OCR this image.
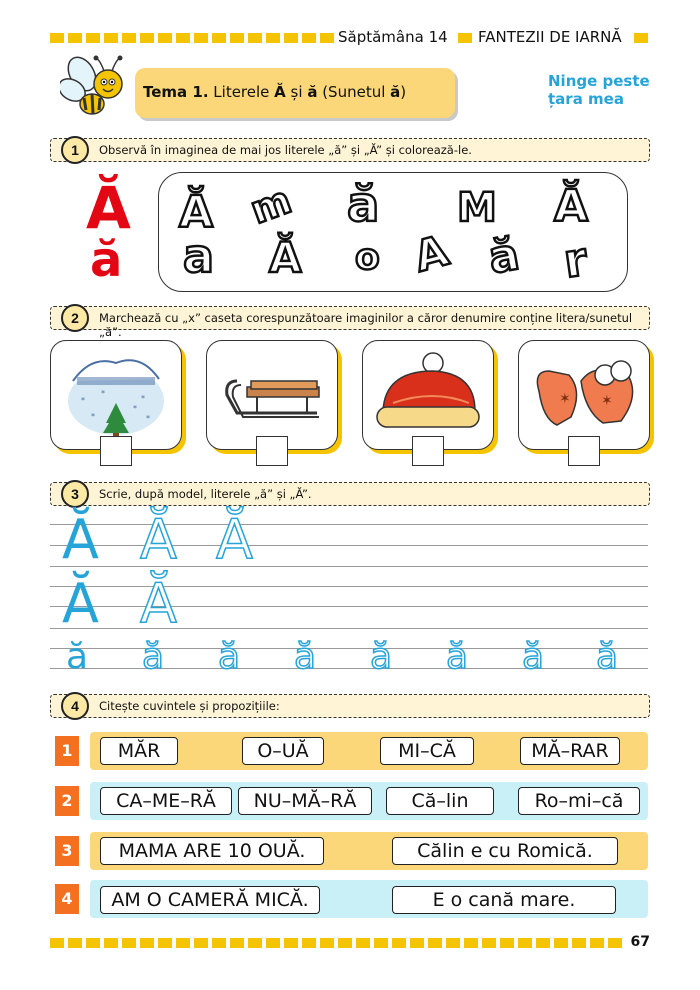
Săptămâna 14 FANTEZII DE IARNĂ
Tema 1. Literele Ă și ă (Sunetul ă)
Ninge peste
țara mea
1	Observă în imaginea de mai jos literele „ă” și „Ă” și colorează-le.
Ă
ă
Ă m ă M Ă
a Ă o A ă r
2	Marchează cu „x” caseta corespunzătoare imaginilor a căror denumire conține litera/sunetul „ă”.
*	*
*	*
*
*
✶ ✶
3	Scrie, după model, literele „ă” și „Ă”.
Ă Ă Ă
Ă Ă
ă ă ă ă ă ă ă ă
4	Citește cuvintele și propozițiile:
1	MĂR	O–UĂ	MI–CĂ	MĂ–RAR
2	CA–ME–RĂ	NU–MĂ–RĂ	Că–lin	Ro–mi–că
3	MAMA ARE 10 OUĂ.	Călin e cu Romică.
4	AM O CAMERĂ MICĂ.	E o cană mare.
67
